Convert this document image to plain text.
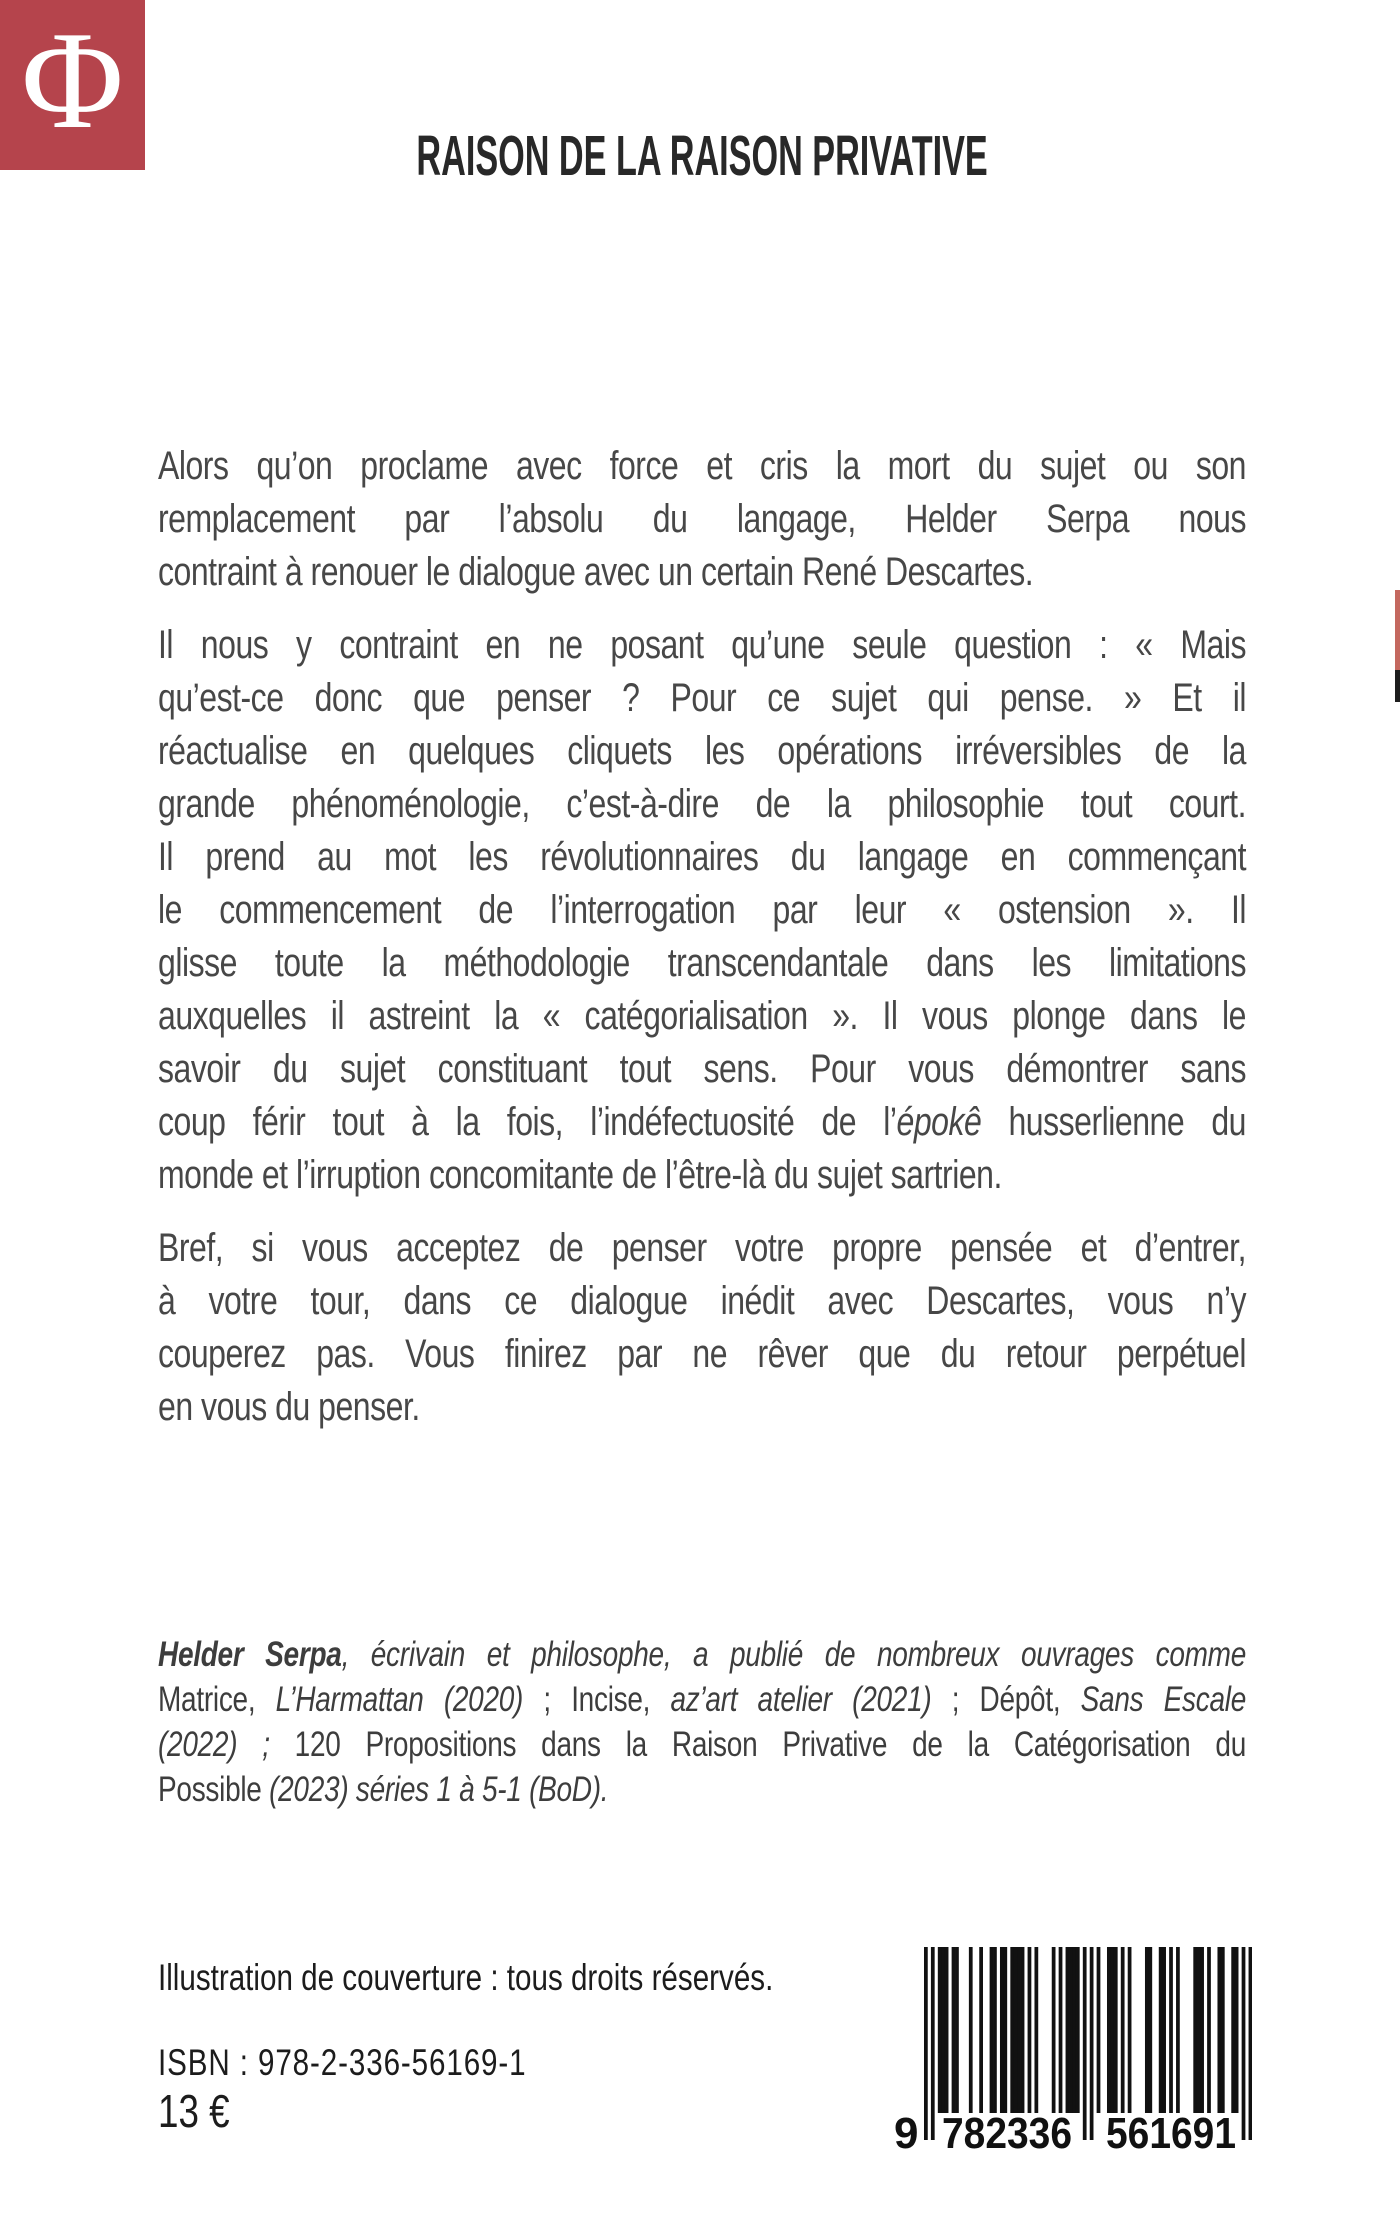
Φ	RAISON DE LA RAISON PRIVATIVE
Alors qu’on proclame avec force et cris la mort du sujet ou son
remplacement par l’absolu du langage, Helder Serpa nous
contraint à renouer le dialogue avec un certain René Descartes.
Il nous y contraint en ne posant qu’une seule question : « Mais
qu’est-ce donc que penser ? Pour ce sujet qui pense. » Et il
réactualise en quelques cliquets les opérations irréversibles de la
grande phénoménologie, c’est-à-dire de la philosophie tout court.
Il prend au mot les révolutionnaires du langage en commençant
le commencement de l’interrogation par leur « ostension ». Il
glisse toute la méthodologie transcendantale dans les limitations
auxquelles il astreint la « catégorialisation ». Il vous plonge dans le
savoir du sujet constituant tout sens. Pour vous démontrer sans
coup férir tout à la fois, l’indéfectuosité de l’épokê husserlienne du
monde et l’irruption concomitante de l’être-là du sujet sartrien.
Bref, si vous acceptez de penser votre propre pensée et d’entrer,
à votre tour, dans ce dialogue inédit avec Descartes, vous n’y
couperez pas. Vous finirez par ne rêver que du retour perpétuel
en vous du penser.
Helder Serpa, écrivain et philosophe, a publié de nombreux ouvrages comme
Matrice, L’Harmattan (2020) ; Incise, az’art atelier (2021) ; Dépôt, Sans Escale
(2022) ; 120 Propositions dans la Raison Privative de la Catégorisation du
Possible (2023) séries 1 à 5-1 (BoD).
Illustration de couverture : tous droits réservés.
ISBN : 978-2-336-56169-1
13 €	9 782336 561691
